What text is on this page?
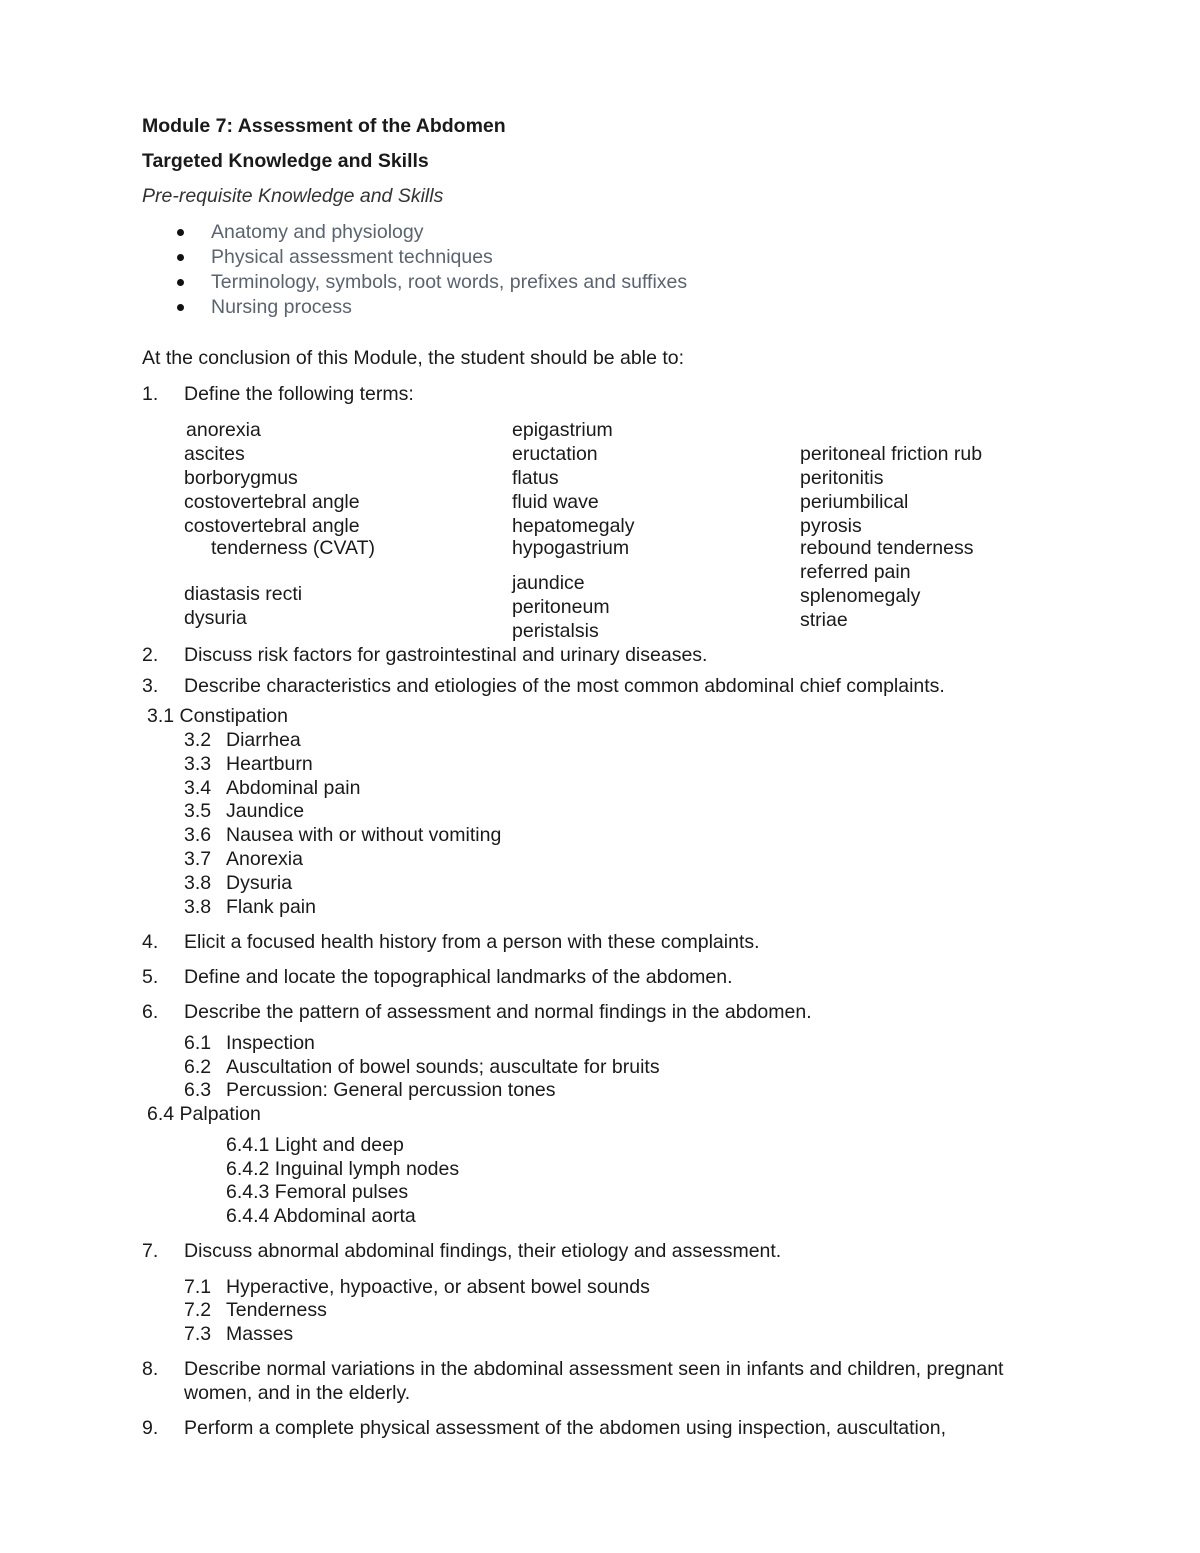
Module 7: Assessment of the Abdomen
Targeted Knowledge and Skills
Pre-requisite Knowledge and Skills
Anatomy and physiology
Physical assessment techniques
Terminology, symbols, root words, prefixes and suffixes
Nursing process
At the conclusion of this Module, the student should be able to:
1. Define the following terms:
anorexia
ascites
borborygmus
costovertebral angle
costovertebral angle
tenderness (CVAT)
diastasis recti
dysuria
epigastrium
eructation
flatus
fluid wave
hepatomegaly
hypogastrium
jaundice
peritoneum
peristalsis
peritoneal friction rub
peritonitis
periumbilical
pyrosis
rebound tenderness
referred pain
splenomegaly
striae
2. Discuss risk factors for gastrointestinal and urinary diseases.
3. Describe characteristics and etiologies of the most common abdominal chief complaints.
3.1 Constipation
3.2 Diarrhea
3.3 Heartburn
3.4 Abdominal pain
3.5 Jaundice
3.6 Nausea with or without vomiting
3.7 Anorexia
3.8 Dysuria
3.8 Flank pain
4. Elicit a focused health history from a person with these complaints.
5. Define and locate the topographical landmarks of the abdomen.
6. Describe the pattern of assessment and normal findings in the abdomen.
6.1 Inspection
6.2 Auscultation of bowel sounds; auscultate for bruits
6.3 Percussion: General percussion tones
6.4 Palpation
6.4.1 Light and deep
6.4.2 Inguinal lymph nodes
6.4.3 Femoral pulses
6.4.4 Abdominal aorta
7. Discuss abnormal abdominal findings, their etiology and assessment.
7.1 Hyperactive, hypoactive, or absent bowel sounds
7.2 Tenderness
7.3 Masses
8. Describe normal variations in the abdominal assessment seen in infants and children, pregnant
women, and in the elderly.
9. Perform a complete physical assessment of the abdomen using inspection, auscultation,
